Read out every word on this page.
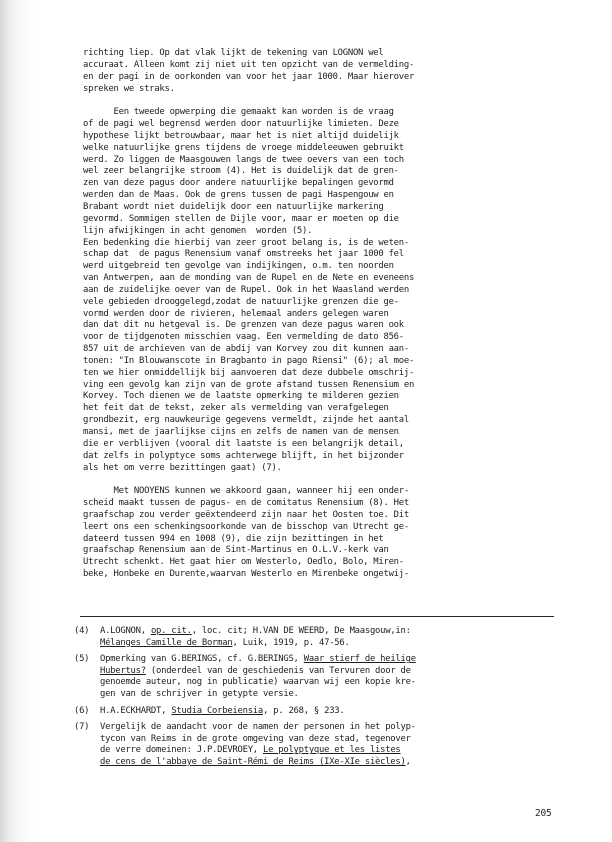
richting liep. Op dat vlak lijkt de tekening van LOGNON wel
accuraat. Alleen komt zij niet uit ten opzicht van de vermelding-
en der pagi in de oorkonden van voor het jaar 1000. Maar hierover
spreken we straks.
Een tweede opwerping die gemaakt kan worden is de vraag
of de pagi wel begrensd werden door natuurlijke limieten. Deze
hypothese lijkt betrouwbaar, maar het is niet altijd duidelijk
welke natuurlijke grens tijdens de vroege middeleeuwen gebruikt
werd. Zo liggen de Maasgouwen langs de twee oevers van een toch
wel zeer belangrijke stroom (4). Het is duidelijk dat de gren-
zen van deze pagus door andere natuurlijke bepalingen gevormd
werden dan de Maas. Ook de grens tussen de pagi Haspengouw en
Brabant wordt niet duidelijk door een natuurlijke markering
gevormd. Sommigen stellen de Dijle voor, maar er moeten op die
lijn afwijkingen in acht genomen  worden (5).
Een bedenking die hierbij van zeer groot belang is, is de weten-
schap dat  de pagus Renensium vanaf omstreeks het jaar 1000 fel
werd uitgebreid ten gevolge van indijkingen, o.m. ten noorden
van Antwerpen, aan de monding van de Rupel en de Nete en eveneens
aan de zuidelijke oever van de Rupel. Ook in het Waasland werden
vele gebieden drooggelegd,zodat de natuurlijke grenzen die ge-
vormd werden door de rivieren, helemaal anders gelegen waren
dan dat dit nu hetgeval is. De grenzen van deze pagus waren ook
voor de tijdgenoten misschien vaag. Een vermelding de dato 856-
857 uit de archieven van de abdij van Korvey zou dit kunnen aan-
tonen: "In Blouwanscote in Bragbanto in pago Riensi" (6); al moe-
ten we hier onmiddellijk bij aanvoeren dat deze dubbele omschrij-
ving een gevolg kan zijn van de grote afstand tussen Renensium en
Korvey. Toch dienen we de laatste opmerking te milderen gezien
het feit dat de tekst, zeker als vermelding van verafgelegen
grondbezit, erg nauwkeurige gegevens vermeldt, zijnde het aantal
mansi, met de jaarlijkse cijns en zelfs de namen van de mensen
die er verblijven (vooral dit laatste is een belangrijk detail,
dat zelfs in polyptyce soms achterwege blijft, in het bijzonder
als het om verre bezittingen gaat) (7).
Met NOOYENS kunnen we akkoord gaan, wanneer hij een onder-
scheid maakt tussen de pagus- en de comitatus Renensium (8). Het
graafschap zou verder geëxtendeerd zijn naar het Oosten toe. Dit
leert ons een schenkingsoorkonde van de bisschop van Utrecht ge-
dateerd tussen 994 en 1008 (9), die zijn bezittingen in het
graafschap Renensium aan de Sint-Martinus en O.L.V.-kerk van
Utrecht schenkt. Het gaat hier om Westerlo, Oedlo, Bolo, Miren-
beke, Honbeke en Durente,waarvan Westerlo en Mirenbeke ongetwij-
(4) A.LOGNON, op. cit., loc. cit; H.VAN DE WEERD, De Maasgouw,in:
Mélanges Camille de Borman, Luik, 1919, p. 47-56.
(5) Opmerking van G.BERINGS, cf. G.BERINGS, Waar stierf de heilige
Hubertus? (onderdeel van de geschiedenis van Tervuren door de
genoemde auteur, nog in publicatie) waarvan wij een kopie kre-
gen van de schrijver in getypte versie.
(6) H.A.ECKHARDT, Studia Corbeiensia, p. 268, § 233.
(7) Vergelijk de aandacht voor de namen der personen in het polyp-
tycon van Reims in de grote omgeving van deze stad, tegenover
de verre domeinen: J.P.DEVROEY, Le polyptyque et les listes
de cens de l'abbaye de Saint-Rémi de Reims (IXe-XIe siècles),
205
